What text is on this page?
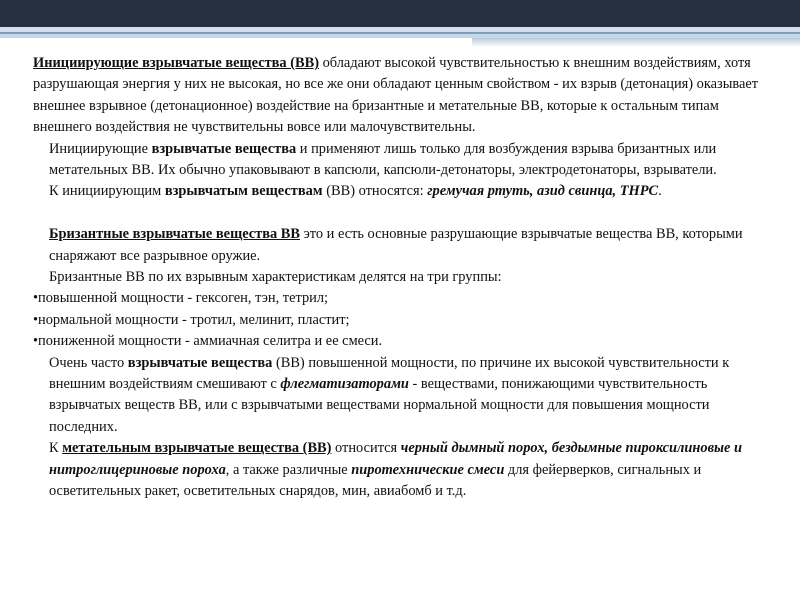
Инициирующие взрывчатые вещества (ВВ) обладают высокой чувствительностью к внешним воздействиям, хотя разрушающая энергия у них не высокая, но все же они обладают ценным свойством - их взрыв (детонация) оказывает внешнее взрывное (детонационное) воздействие на бризантные и метательные ВВ, которые к остальным типам внешнего воздействия не чувствительны вовсе или малочувствительны.

Инициирующие взрывчатые вещества и применяют лишь только для возбуждения взрыва бризантных или метательных ВВ. Их обычно упаковывают в капсюли, капсюли-детонаторы, электродетонаторы, взрыватели.

К инициирующим взрывчатым веществам (ВВ) относятся: гремучая ртуть, азид свинца, ТНРС.

Бризантные взрывчатые вещества ВВ это и есть основные разрушающие взрывчатые вещества ВВ, которыми снаряжают все разрывное оружие.

Бризантные ВВ по их взрывным характеристикам делятся на три группы:

•повышенной мощности - гексоген, тэн, тетрил;

•нормальной мощности - тротил, мелинит, пластит;

•пониженной мощности - аммиачная селитра и ее смеси.

Очень часто взрывчатые вещества (ВВ) повышенной мощности, по причине их высокой чувствительности к внешним воздействиям смешивают с флегматизаторами - веществами, понижающими чувствительность взрывчатых веществ ВВ, или с взрывчатыми веществами нормальной мощности для повышения мощности последних.

К метательным взрывчатые вещества (ВВ) относится черный дымный порох, бездымные пироксилиновые и нитроглицериновые пороха, а также различные пиротехнические смеси для фейерверков, сигнальных и осветительных ракет, осветительных снарядов, мин, авиабомб и т.д.
